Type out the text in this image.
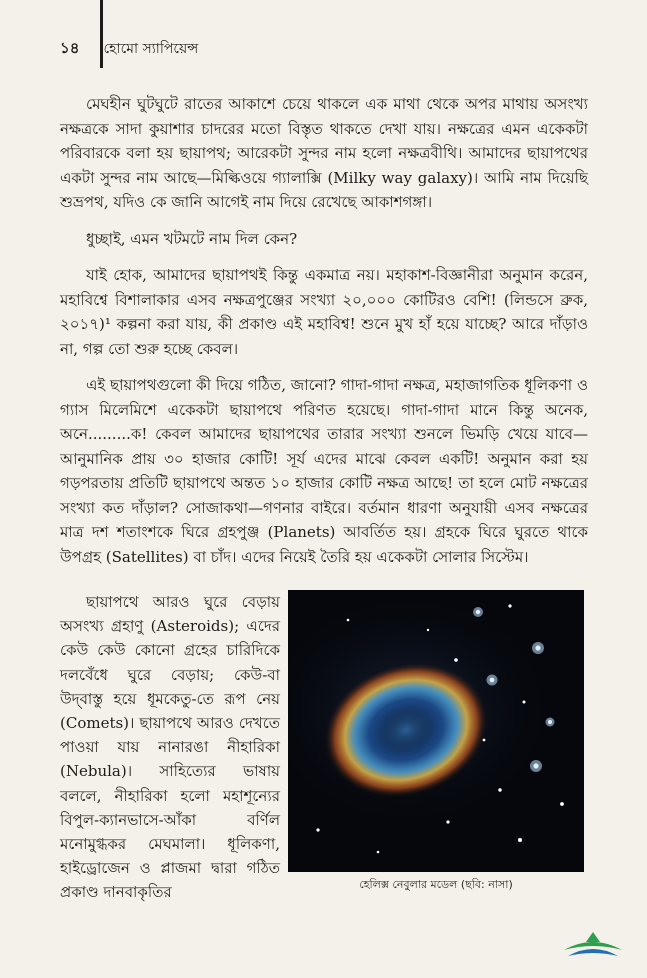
১৪ হোমো স্যাপিয়েন্স

মেঘহীন ঘুটঘুটে রাতের আকাশে চেয়ে থাকলে এক মাথা থেকে অপর মাথায় অসংখ্য নক্ষত্রকে সাদা কুয়াশার চাদরের মতো বিস্তৃত থাকতে দেখা যায়। নক্ষত্রের এমন একেকটা পরিবারকে বলা হয় ছায়াপথ; আরেকটা সুন্দর নাম হলো নক্ষত্রবীথি। আমাদের ছায়াপথের একটা সুন্দর নাম আছে—মিল্কিওয়ে গ্যালাক্সি (Milky way galaxy)। আমি নাম দিয়েছি শুভ্রপথ, যদিও কে জানি আগেই নাম দিয়ে রেখেছে আকাশগঙ্গা।

ধুচ্ছাই, এমন খটমটে নাম দিল কেন?

যাই হোক, আমাদের ছায়াপথই কিন্তু একমাত্র নয়। মহাকাশ-বিজ্ঞানীরা অনুমান করেন, মহাবিশ্বে বিশালাকার এসব নক্ষত্রপুঞ্জের সংখ্যা ২০,০০০ কোটিরও বেশি! (লিন্ডসে ব্রুক, ২০১৭)¹ কল্পনা করা যায়, কী প্রকাণ্ড এই মহাবিশ্ব! শুনে মুখ হাঁ হয়ে যাচ্ছে? আরে দাঁড়াও না, গল্প তো শুরু হচ্ছে কেবল।

এই ছায়াপথগুলো কী দিয়ে গঠিত, জানো? গাদা-গাদা নক্ষত্র, মহাজাগতিক ধূলিকণা ও গ্যাস মিলেমিশে একেকটা ছায়াপথে পরিণত হয়েছে। গাদা-গাদা মানে কিন্তু অনেক, অনে.........ক! কেবল আমাদের ছায়াপথের তারার সংখ্যা শুনলে ভিমড়ি খেয়ে যাবে—আনুমানিক প্রায় ৩০ হাজার কোটি! সূর্য এদের মাঝে কেবল একটি! অনুমান করা হয় গড়পরতায় প্রতিটি ছায়াপথে অন্তত ১০ হাজার কোটি নক্ষত্র আছে! তা হলে মোট নক্ষত্রের সংখ্যা কত দাঁড়াল? সোজাকথা—গণনার বাইরে। বর্তমান ধারণা অনুযায়ী এসব নক্ষত্রের মাত্র দশ শতাংশকে ঘিরে গ্রহপুঞ্জ (Planets) আবর্তিত হয়। গ্রহকে ঘিরে ঘুরতে থাকে উপগ্রহ (Satellites) বা চাঁদ। এদের নিয়েই তৈরি হয় একেকটা সোলার সিস্টেম।

ছায়াপথে আরও ঘুরে বেড়ায় অসংখ্য গ্রহাণু (Asteroids); এদের কেউ কেউ কোনো গ্রহের চারিদিকে দলবেঁধে ঘুরে বেড়ায়; কেউ-বা উদ্‌বাস্তু হয়ে ধূমকেতু-তে রূপ নেয় (Comets)। ছায়াপথে আরও দেখতে পাওয়া যায় নানারঙা নীহারিকা (Nebula)। সাহিত্যের ভাষায় বললে, নীহারিকা হলো মহাশূন্যের বিপুল-ক্যানভাসে-আঁকা বর্ণিল মনোমুগ্ধকর মেঘমালা। ধূলিকণা, হাইড্রোজেন ও প্লাজমা দ্বারা গঠিত প্রকাণ্ড দানবাকৃতির	হেলিক্স নেবুলার মডেল (ছবি: নাসা)
